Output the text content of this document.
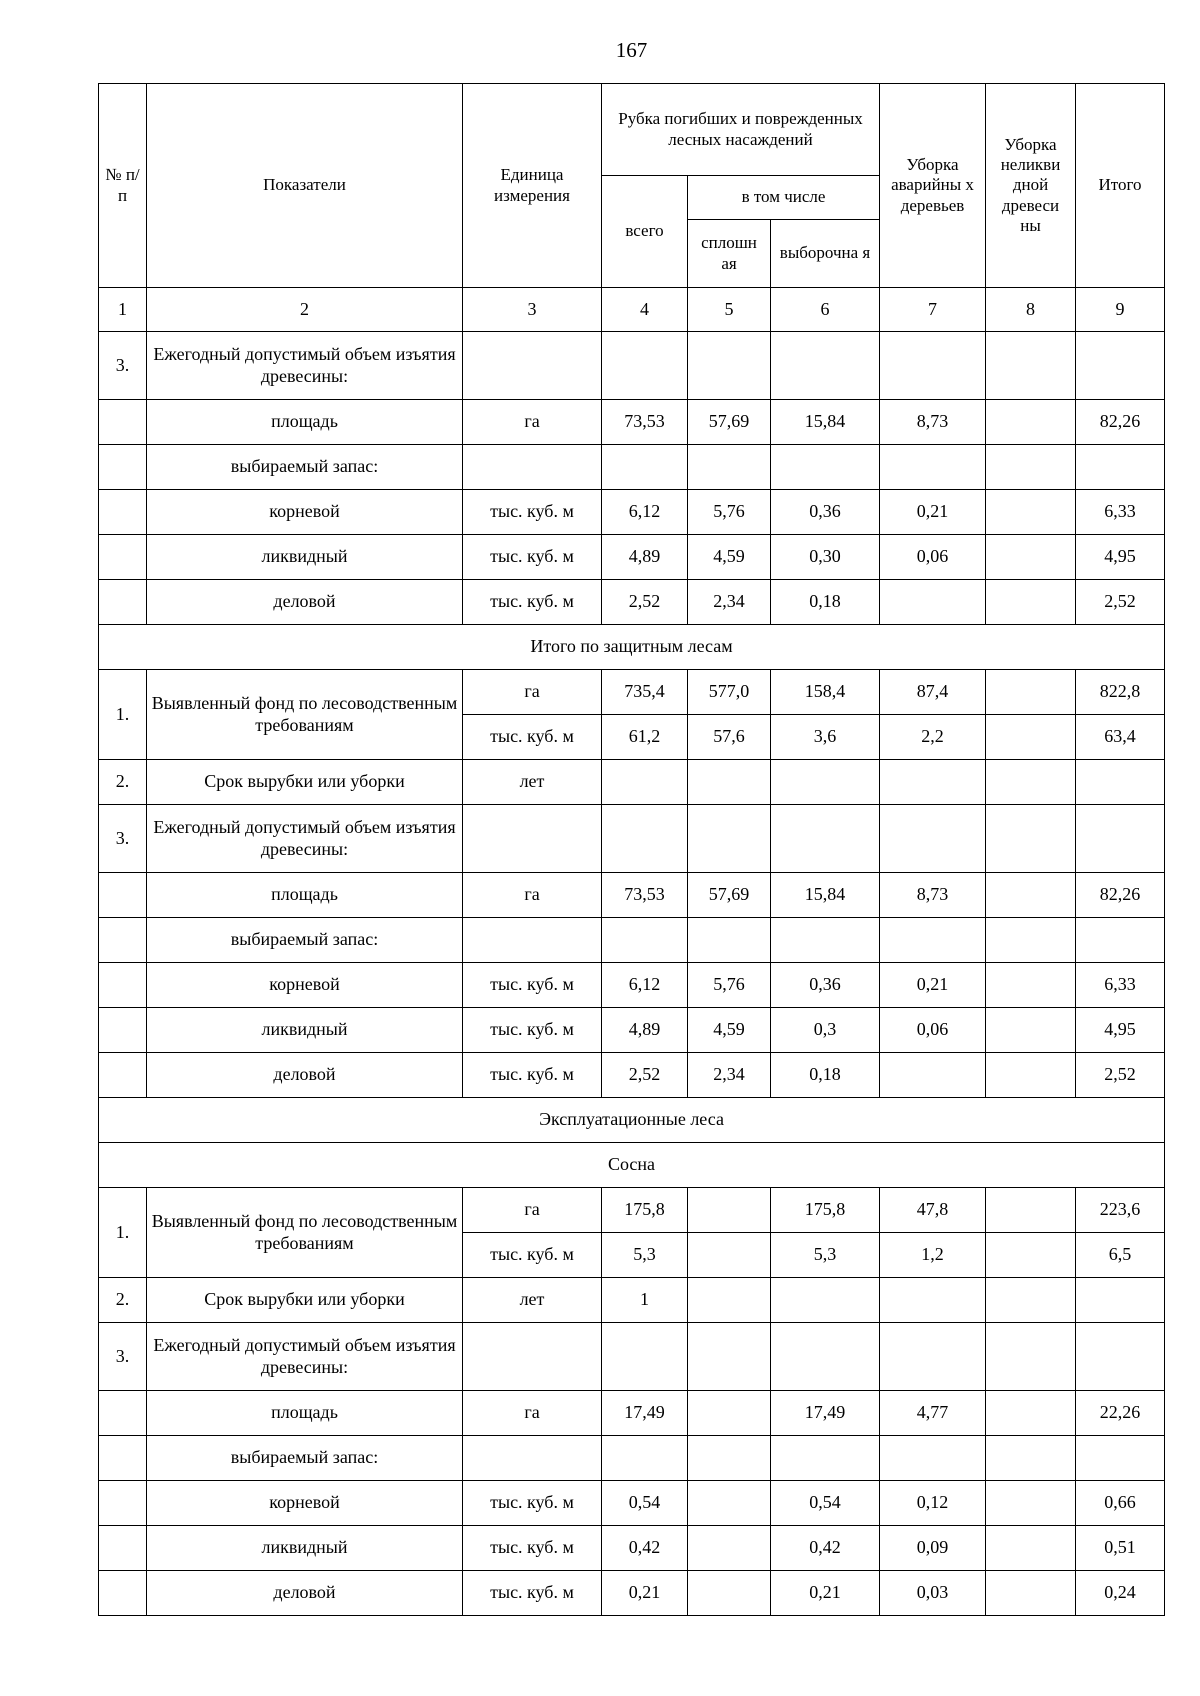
167
№ п/п	Показатели	Единица измерения	Рубка погибших и поврежденных лесных насаждений			Уборка аварийны х деревьев	Уборка неликви дной древеси ны	Итого
			всего	в том числе				
				сплошн ая	выборочна я			
1	2	3	4	5	6	7	8	9
3.	Ежегодный допустимый объем изъятия древесины:							
	площадь	га	73,53	57,69	15,84	8,73		82,26
	выбираемый запас:							
	корневой	тыс. куб. м	6,12	5,76	0,36	0,21		6,33
	ликвидный	тыс. куб. м	4,89	4,59	0,30	0,06		4,95
	деловой	тыс. куб. м	2,52	2,34	0,18			2,52
Итого по защитным лесам								
1.	Выявленный фонд по лесоводственным требованиям	га	735,4	577,0	158,4	87,4		822,8
		тыс. куб. м	61,2	57,6	3,6	2,2		63,4
2.	Срок вырубки или уборки	лет						
3.	Ежегодный допустимый объем изъятия древесины:							
	площадь	га	73,53	57,69	15,84	8,73		82,26
	выбираемый запас:							
	корневой	тыс. куб. м	6,12	5,76	0,36	0,21		6,33
	ликвидный	тыс. куб. м	4,89	4,59	0,3	0,06		4,95
	деловой	тыс. куб. м	2,52	2,34	0,18			2,52
Эксплуатационные леса								
Сосна								
1.	Выявленный фонд по лесоводственным требованиям	га	175,8		175,8	47,8		223,6
		тыс. куб. м	5,3		5,3	1,2		6,5
2.	Срок вырубки или уборки	лет	1					
3.	Ежегодный допустимый объем изъятия древесины:							
	площадь	га	17,49		17,49	4,77		22,26
	выбираемый запас:							
	корневой	тыс. куб. м	0,54		0,54	0,12		0,66
	ликвидный	тыс. куб. м	0,42		0,42	0,09		0,51
	деловой	тыс. куб. м	0,21		0,21	0,03		0,24
